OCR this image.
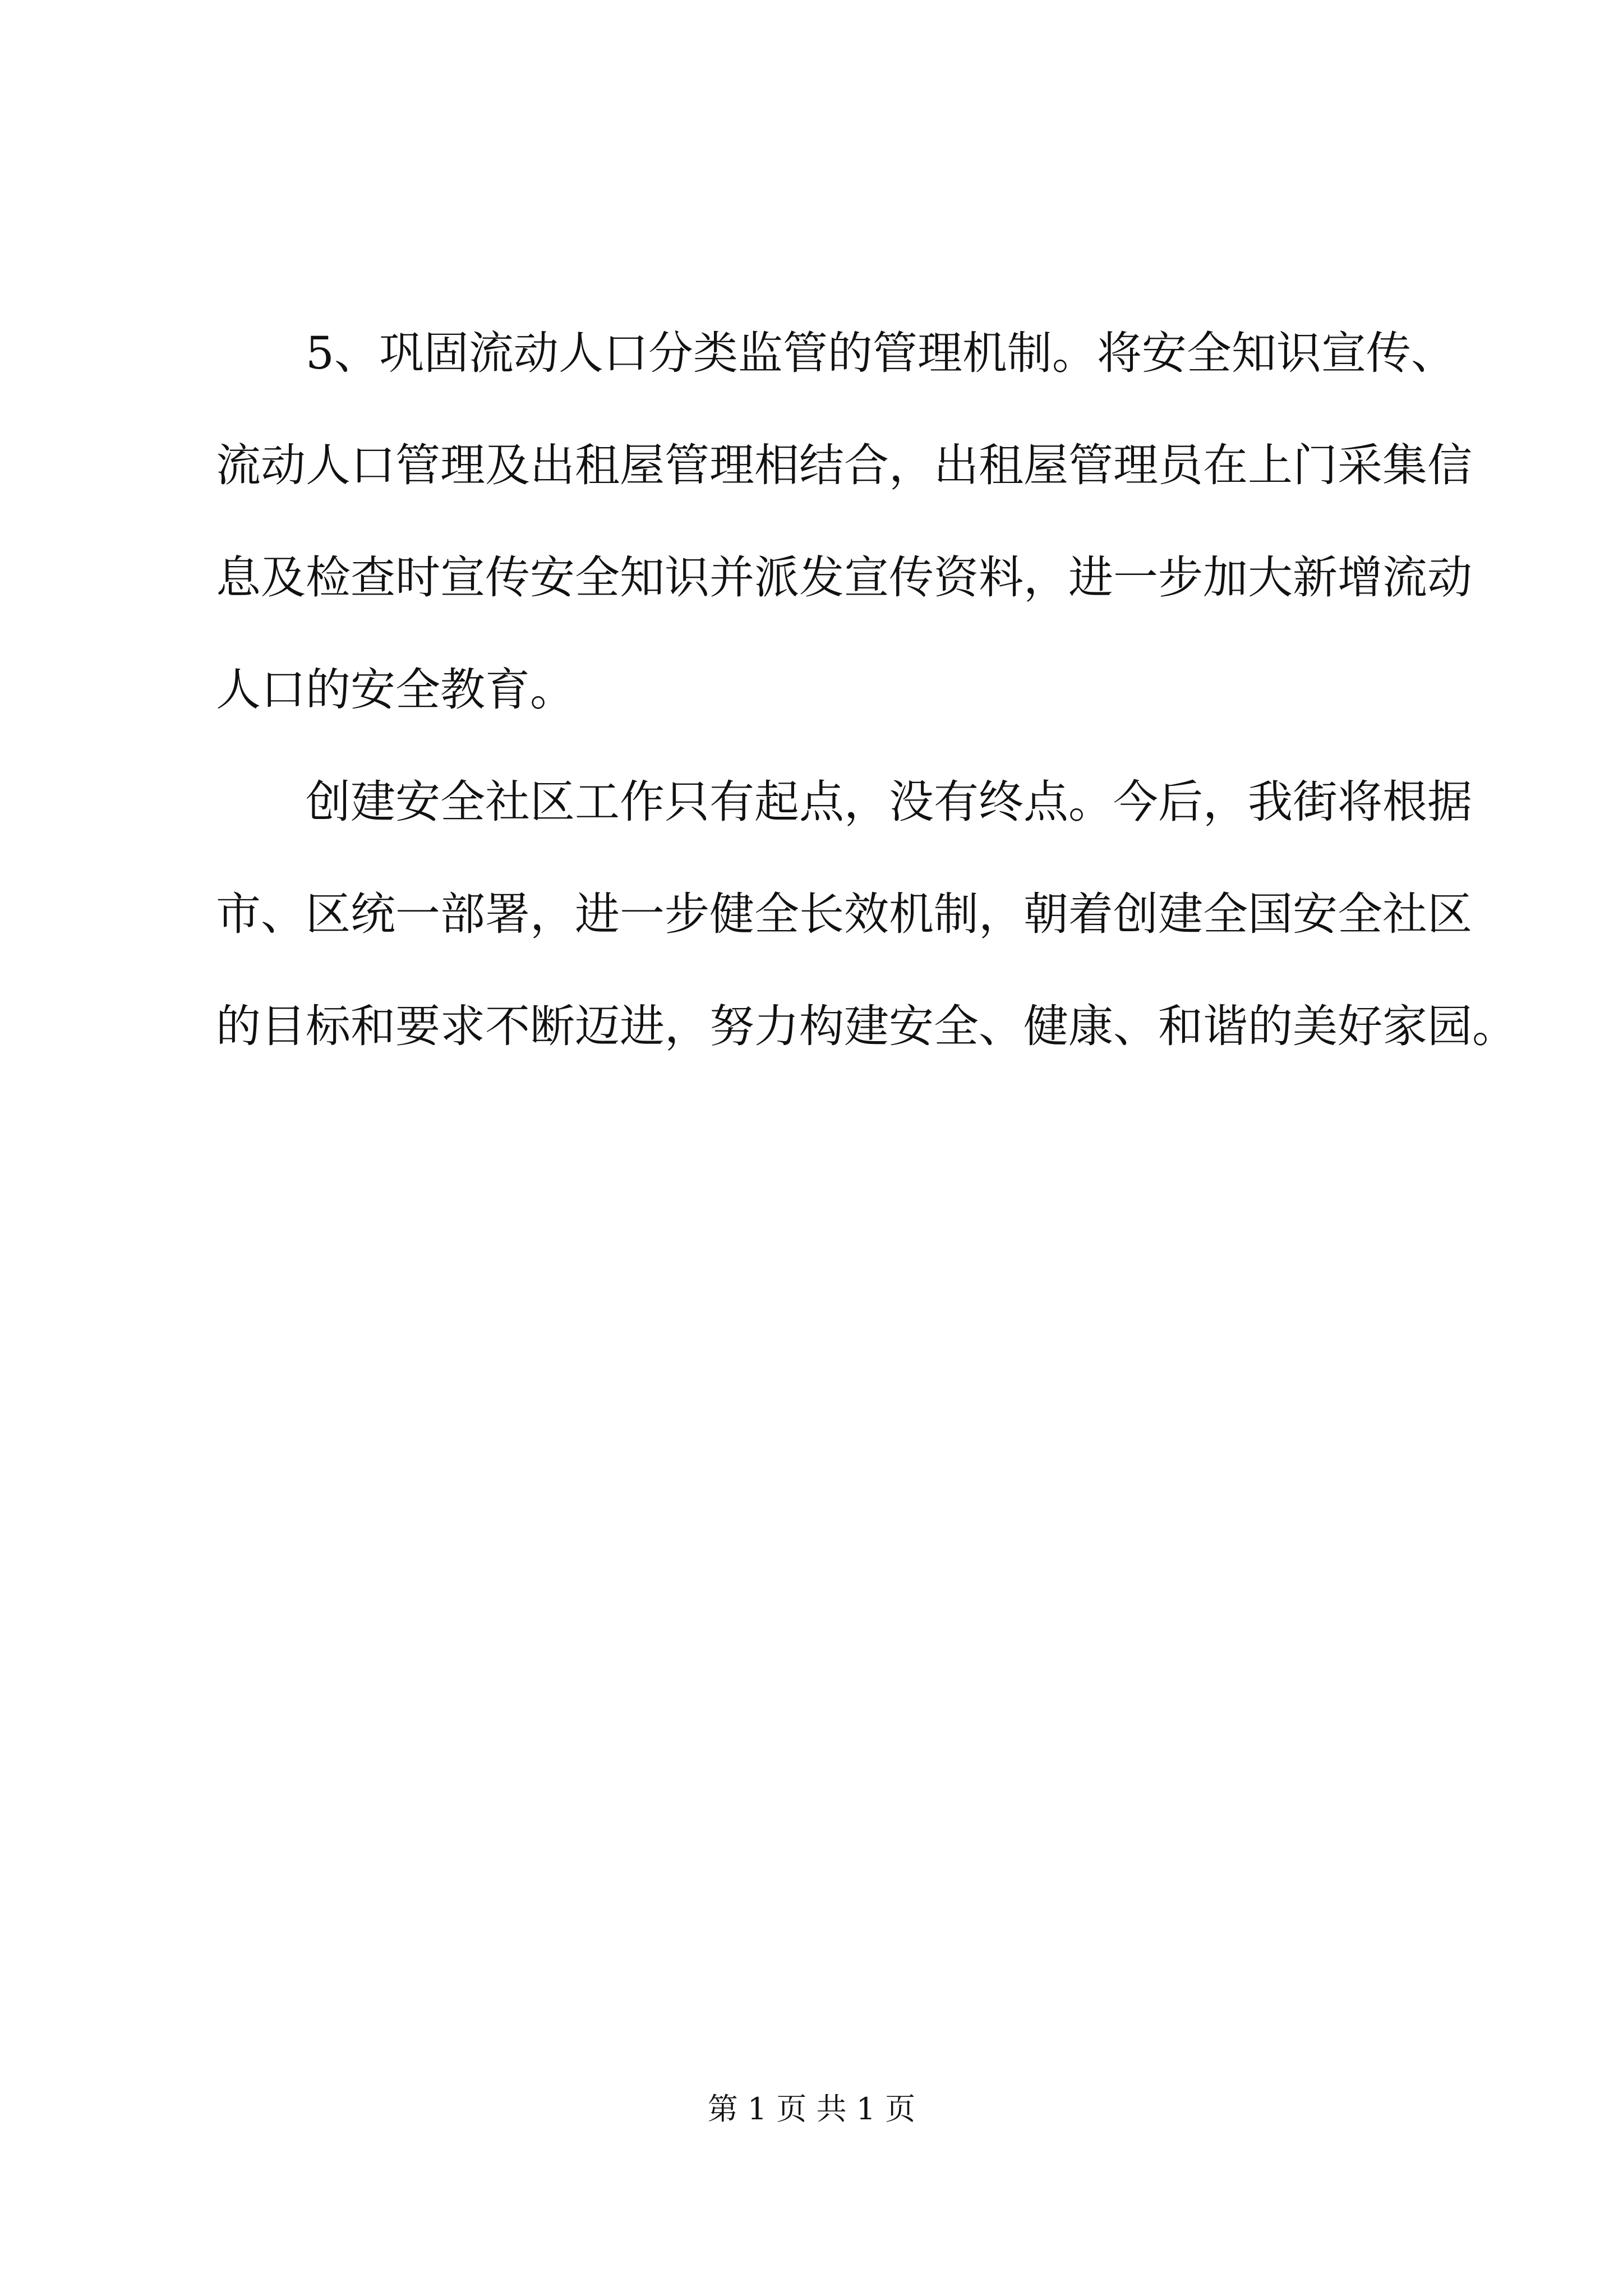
5、巩固流动人口分类监管的管理机制。将安全知识宣传、
流动人口管理及出租屋管理相结合，出租屋管理员在上门采集信
息及检查时宣传安全知识并派发宣传资料，进一步加大新增流动
人口的安全教育。
创建安全社区工作只有起点，没有终点。今后，我街将根据
市、区统一部署，进一步健全长效机制，朝着创建全国安全社区
的目标和要求不断迈进，努力构建安全、健康、和谐的美好家园。
第 1 页 共 1 页
